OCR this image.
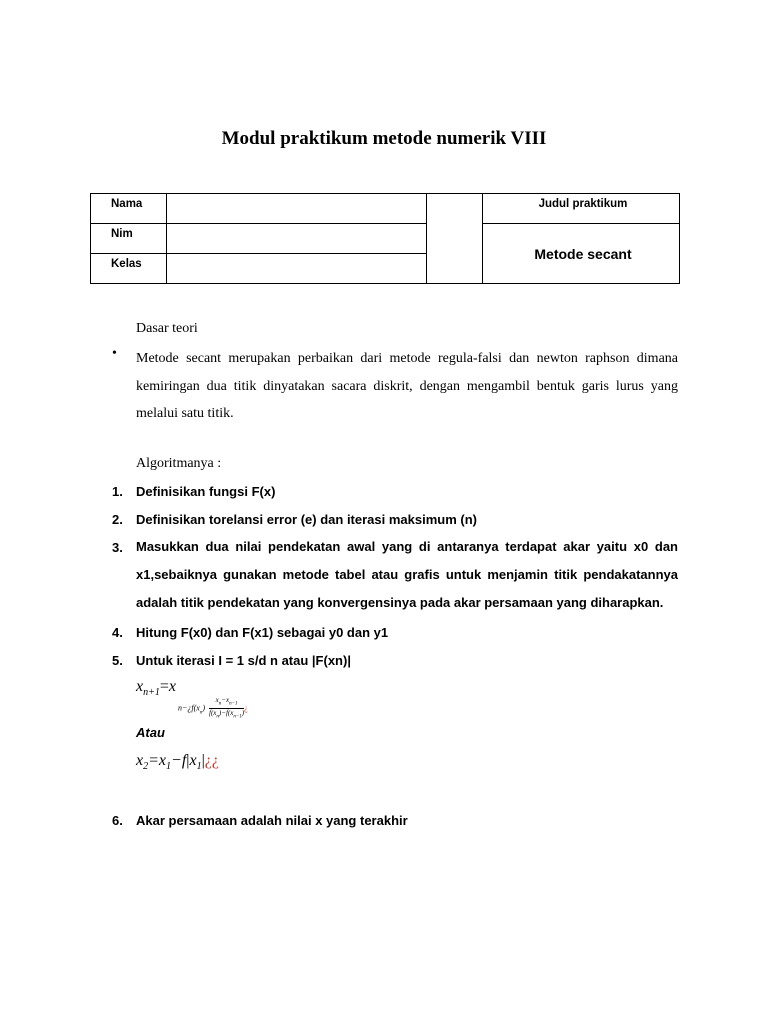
Modul praktikum metode numerik VIII
Nama			Judul praktikum
Nim			Metode secant
Kelas			
Dasar teori
• Metode secant merupakan perbaikan dari metode regula-falsi dan newton raphson dimana kemiringan dua titik dinyatakan sacara diskrit, dengan mengambil bentuk garis lurus yang melalui satu titik.
Algoritmanya :
1. Definisikan fungsi F(x)
2. Definisikan torelansi error (e) dan iterasi maksimum (n)
3. Masukkan dua nilai pendekatan awal yang di antaranya terdapat akar yaitu x0 dan x1,sebaiknya gunakan metode tabel atau grafis untuk menjamin titik pendakatannya adalah titik pendekatan yang konvergensinya pada akar persamaan yang diharapkan.
4. Hitung F(x0) dan F(x1) sebagai y0 dan y1
5. Untuk iterasi I = 1 s/d n atau |F(xn)|
$x_{n+1}=x$
$n-¿f(x_n) \frac{x_n-x_{n-1}}{f(x_n)-f(x_{n-1})}$ ¿
Atau
$x_2=x_1-f|x_1|¿¿$
6. Akar persamaan adalah nilai x yang terakhir
